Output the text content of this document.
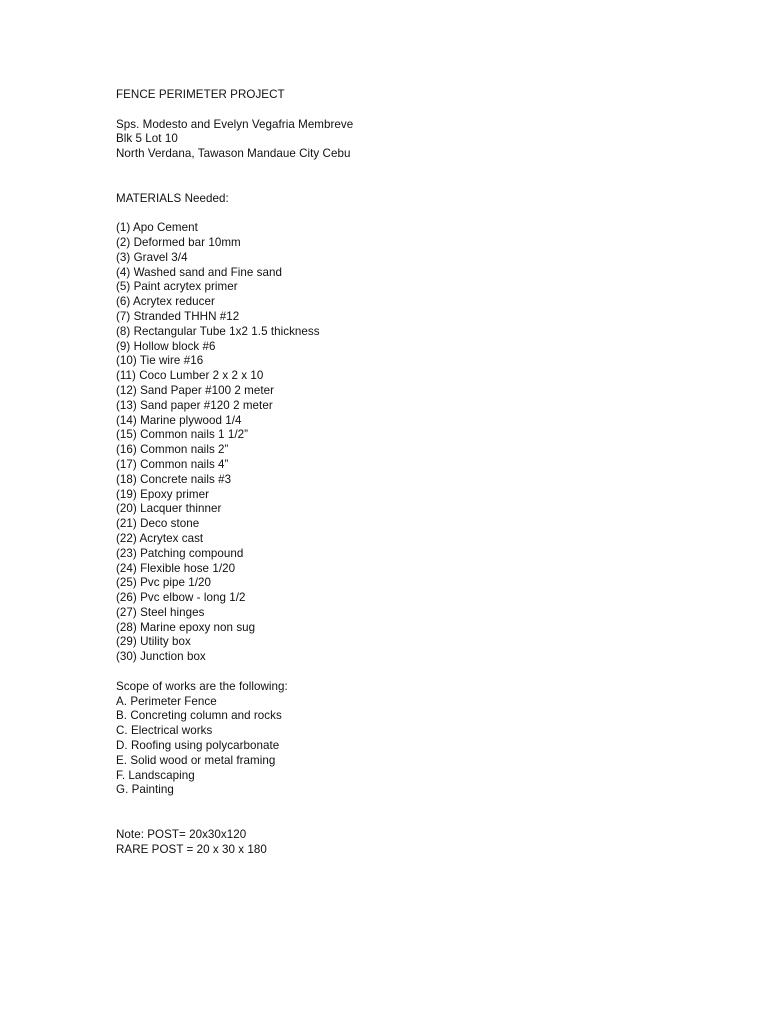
FENCE PERIMETER PROJECT
Sps. Modesto and Evelyn Vegafria Membreve
Blk 5 Lot 10
North Verdana, Tawason Mandaue City Cebu
MATERIALS Needed:
(1) Apo Cement
(2) Deformed bar 10mm
(3) Gravel 3/4
(4) Washed sand and Fine sand
(5) Paint acrytex primer
(6) Acrytex reducer
(7) Stranded THHN #12
(8) Rectangular Tube 1x2 1.5 thickness
(9) Hollow block #6
(10) Tie wire #16
(11) Coco Lumber 2 x 2 x 10
(12) Sand Paper #100 2 meter
(13) Sand paper #120 2 meter
(14) Marine plywood 1/4
(15) Common nails 1 1/2”
(16) Common nails 2”
(17) Common nails 4”
(18) Concrete nails #3
(19) Epoxy primer
(20) Lacquer thinner
(21) Deco stone
(22) Acrytex cast
(23) Patching compound
(24) Flexible hose 1/20
(25) Pvc pipe 1/20
(26) Pvc elbow - long 1/2
(27) Steel hinges
(28) Marine epoxy non sug
(29) Utility box
(30) Junction box
Scope of works are the following:
A. Perimeter Fence
B. Concreting column and rocks
C. Electrical works
D. Roofing using polycarbonate
E. Solid wood or metal framing
F. Landscaping
G. Painting
Note: POST= 20x30x120
RARE POST = 20 x 30 x 180
